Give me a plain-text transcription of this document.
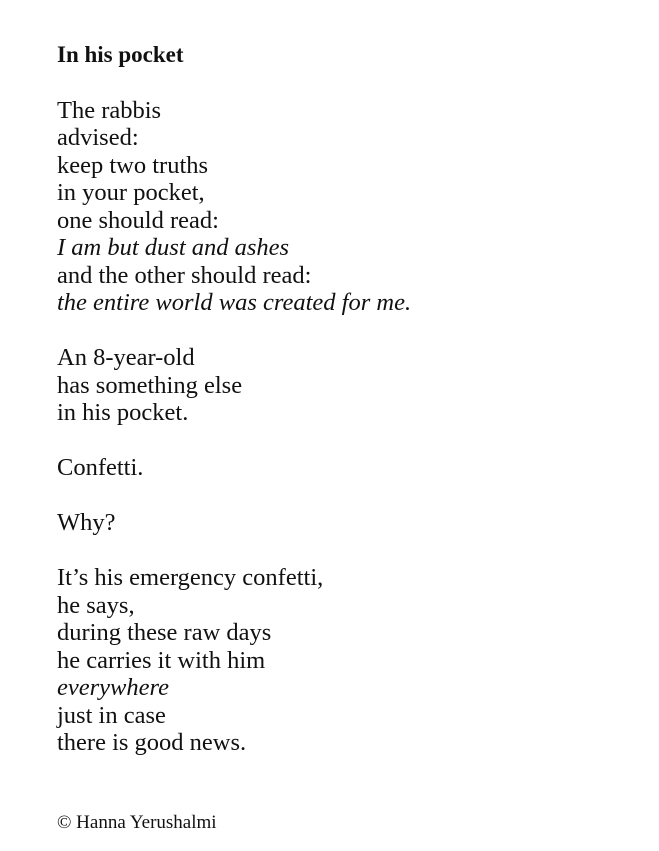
In his pocket
The rabbis
advised:
keep two truths
in your pocket,
one should read:
I am but dust and ashes
and the other should read:
the entire world was created for me.
An 8-year-old
has something else
in his pocket.
Confetti.
Why?
It’s his emergency confetti,
he says,
during these raw days
he carries it with him
everywhere
just in case
there is good news.
© Hanna Yerushalmi
